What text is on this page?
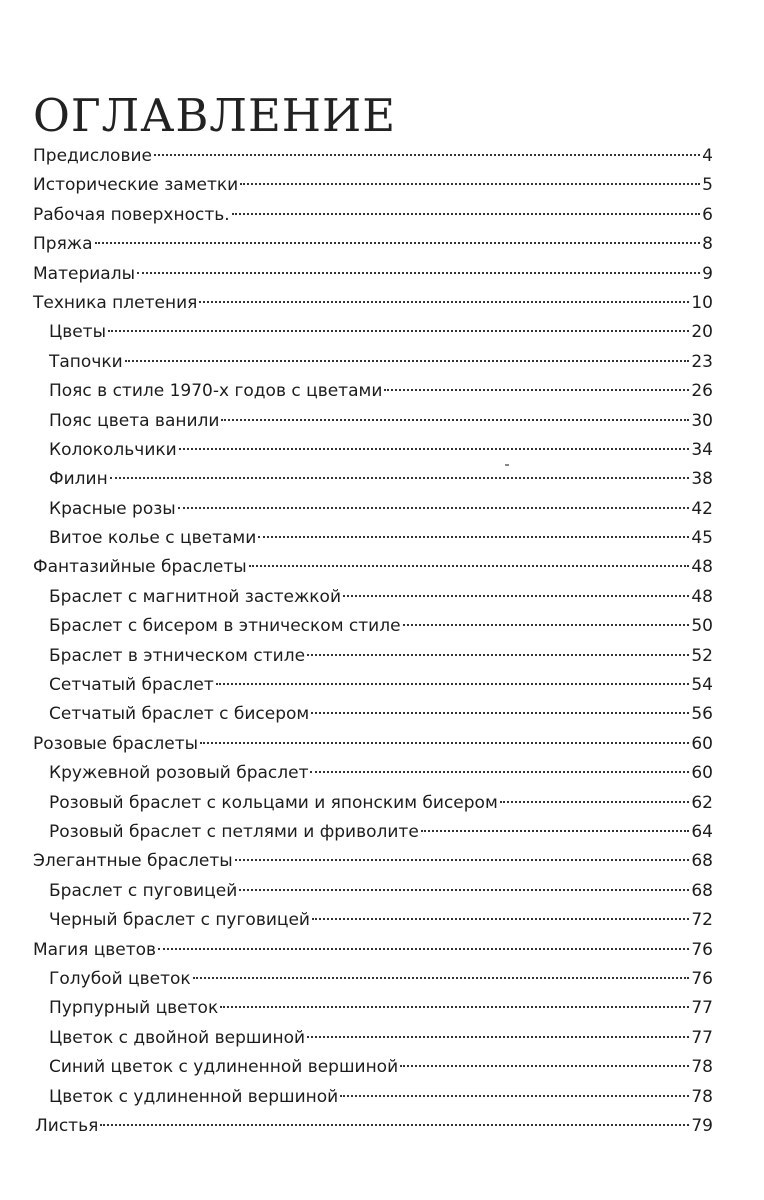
ОГЛАВЛЕНИЕ
Предисловие	4
Исторические заметки	5
Рабочая поверхность.	6
Пряжа	8
Материалы	9
Техника плетения	10
Цветы	20
Тапочки	23
Пояс в стиле 1970-х годов с цветами	26
Пояс цвета ванили	30
Колокольчики	34
Филин	38
Красные розы	42
Витое колье с цветами	45
Фантазийные браслеты	48
Браслет с магнитной застежкой	48
Браслет с бисером в этническом стиле	50
Браслет в этническом стиле	52
Сетчатый браслет	54
Сетчатый браслет с бисером	56
Розовые браслеты	60
Кружевной розовый браслет	60
Розовый браслет с кольцами и японским бисером	62
Розовый браслет с петлями и фриволите	64
Элегантные браслеты	68
Браслет с пуговицей	68
Черный браслет с пуговицей	72
Магия цветов	76
Голубой цветок	76
Пурпурный цветок	77
Цветок с двойной вершиной	77
Синий цветок с удлиненной вершиной	78
Цветок с удлиненной вершиной	78
Листья	79
